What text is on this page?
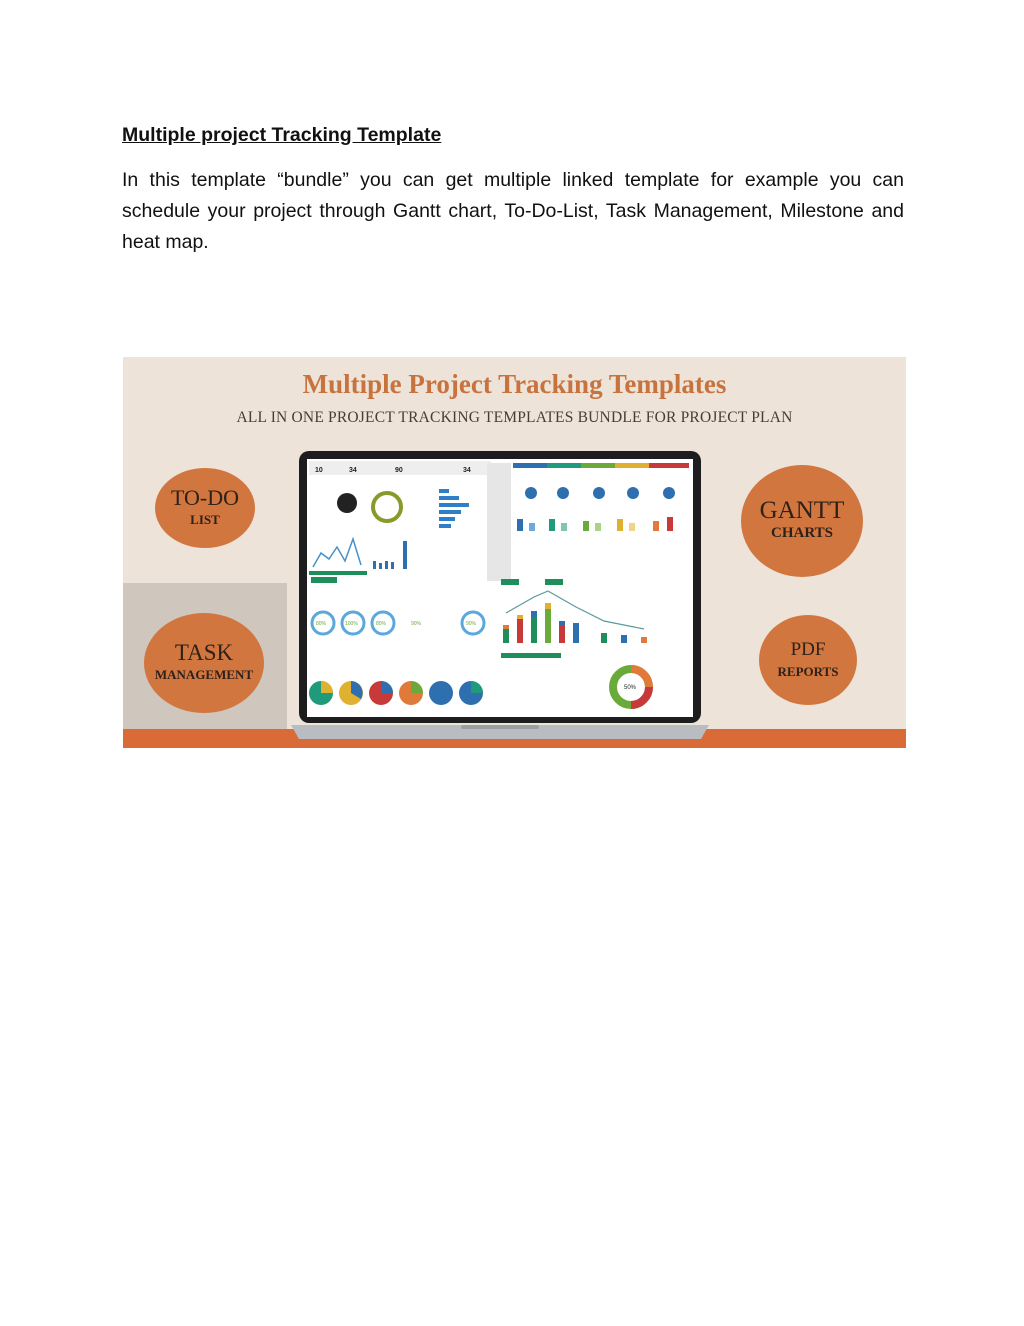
Multiple project Tracking Template

In this template “bundle” you can get multiple linked template for example you can schedule your project through Gantt chart, To-Do-List, Task Management, Milestone and heat map.

Multiple Project Tracking Templates

ALL IN ONE PROJECT TRACKING TEMPLATES BUNDLE FOR PROJECT PLAN

TO-DO
LIST	GANTT
CHARTS
TASK
MANAGEMENT
PDF
REPORTS
10	34	90	34
80%	100%	80%	90%	90%
50%
